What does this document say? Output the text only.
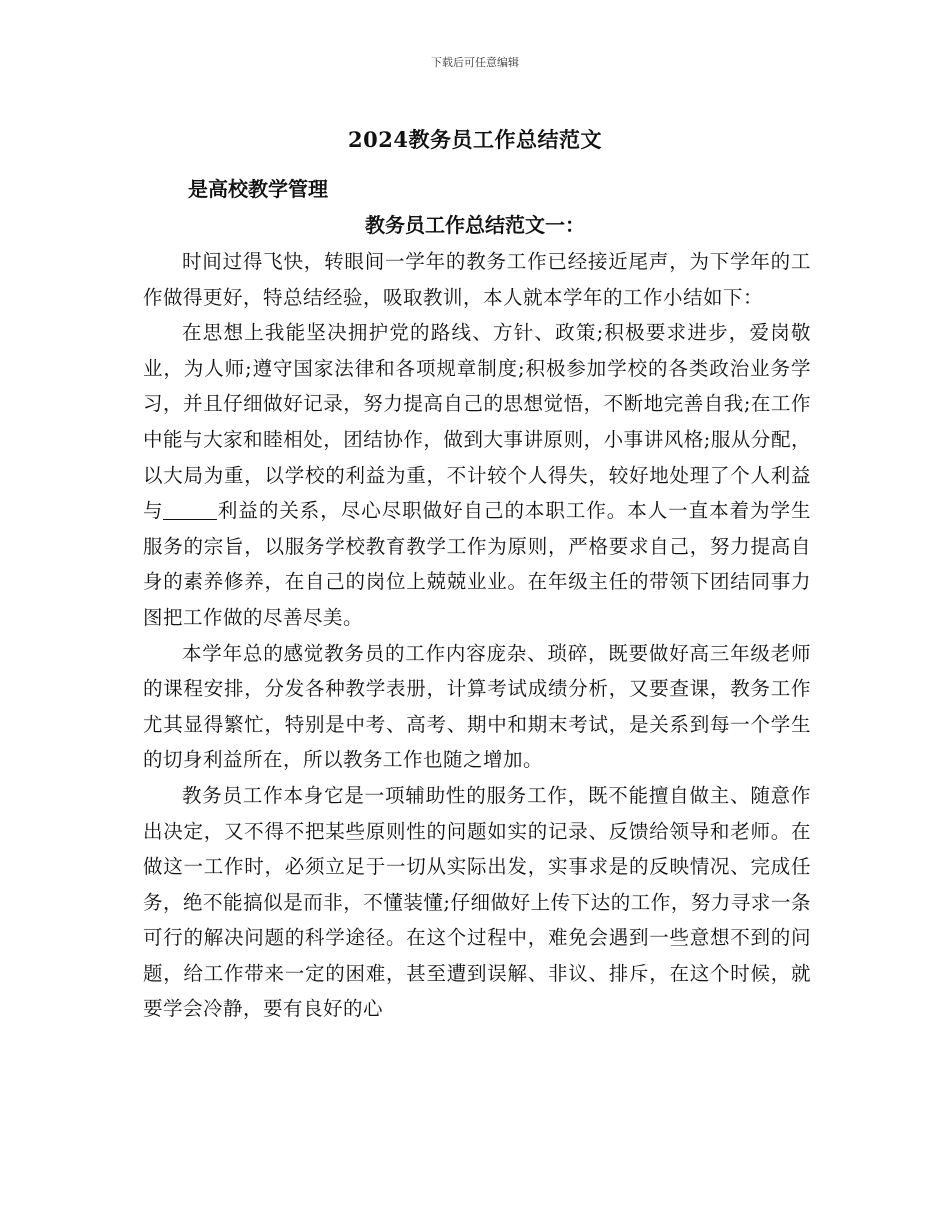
下载后可任意编辑
2024教务员工作总结范文
是高校教学管理
教务员工作总结范文一：

时间过得飞快，转眼间一学年的教务工作已经接近尾声，为下学年的工作做得更好，特总结经验，吸取教训，本人就本学年的工作小结如下：

在思想上我能坚决拥护党的路线、方针、政策;积极要求进步，爱岗敬业，为人师;遵守国家法律和各项规章制度;积极参加学校的各类政治业务学习，并且仔细做好记录，努力提高自己的思想觉悟，不断地完善自我;在工作中能与大家和睦相处，团结协作，做到大事讲原则，小事讲风格;服从分配，以大局为重，以学校的利益为重，不计较个人得失，较好地处理了个人利益与	利益的关系，尽心尽职做好自己的本职工作。本人一直本着为学生服务的宗旨，以服务学校教育教学工作为原则，严格要求自己，努力提高自身的素养修养，在自己的岗位上兢兢业业。在年级主任的带领下团结同事力图把工作做的尽善尽美。

本学年总的感觉教务员的工作内容庞杂、琐碎，既要做好高三年级老师的课程安排，分发各种教学表册，计算考试成绩分析，又要查课，教务工作尤其显得繁忙，特别是中考、高考、期中和期末考试，是关系到每一个学生的切身利益所在，所以教务工作也随之增加。

教务员工作本身它是一项辅助性的服务工作，既不能擅自做主、随意作出决定，又不得不把某些原则性的问题如实的记录、反馈给领导和老师。在做这一工作时，必须立足于一切从实际出发，实事求是的反映情况、完成任务，绝不能搞似是而非，不懂装懂;仔细做好上传下达的工作，努力寻求一条可行的解决问题的科学途径。在这个过程中，难免会遇到一些意想不到的问题，给工作带来一定的困难，甚至遭到误解、非议、排斥，在这个时候，就要学会冷静，要有良好的心
